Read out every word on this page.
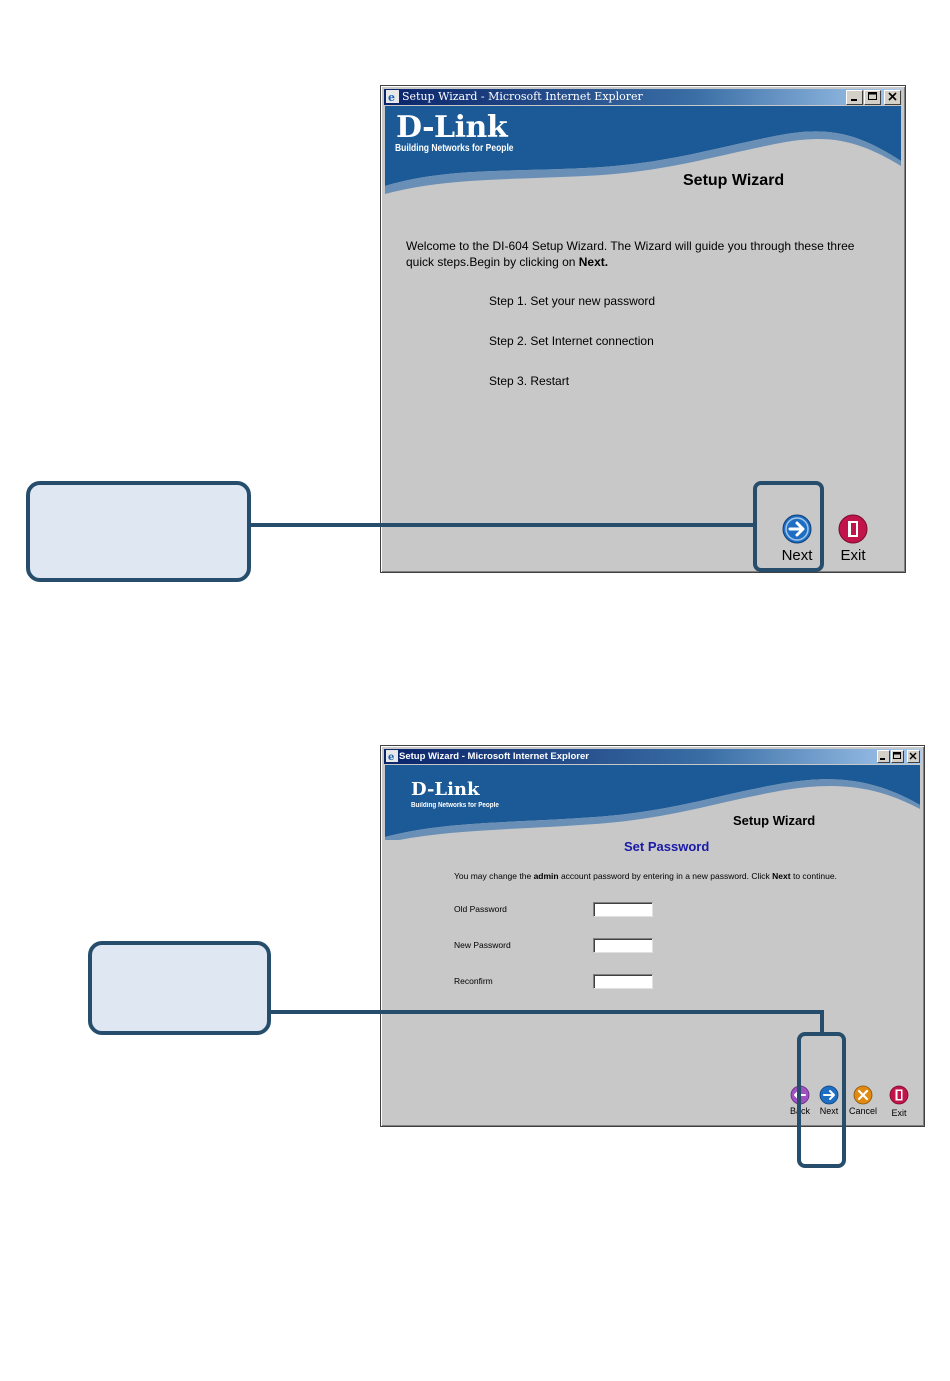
e Setup Wizard - Microsoft Internet Explorer
D-Link
Building Networks for People
Setup Wizard
Welcome to the DI-604 Setup Wizard. The Wizard will guide you through these three quick steps.Begin by clicking on Next.
Step 1. Set your new password
Step 2. Set Internet connection
Step 3. Restart
Next	Exit
e Setup Wizard - Microsoft Internet Explorer
D-Link
Building Networks for People
Setup Wizard
Set Password
You may change the admin account password by entering in a new password. Click Next to continue.
Old Password
New Password
Reconfirm
Back	Next	Cancel	Exit
